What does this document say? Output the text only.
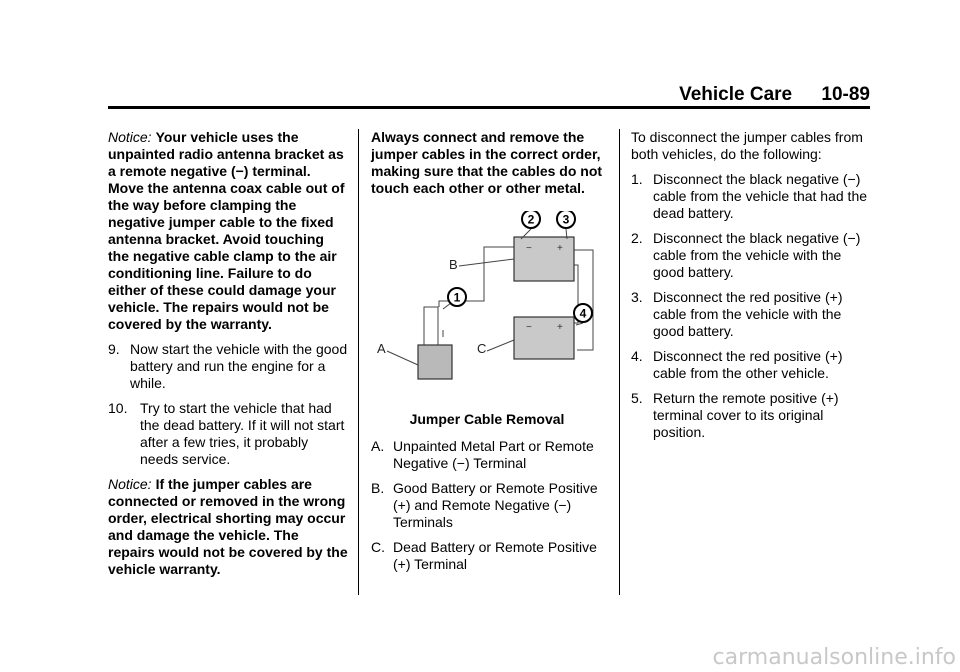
Vehicle Care 10-89

Notice: Your vehicle uses the unpainted radio antenna bracket as a remote negative (−) terminal. Move the antenna coax cable out of the way before clamping the negative jumper cable to the fixed antenna bracket. Avoid touching the negative cable clamp to the air conditioning line. Failure to do either of these could damage your vehicle. The repairs would not be covered by the warranty.

9. Now start the vehicle with the good battery and run the engine for a while.
10. Try to start the vehicle that had the dead battery. If it will not start after a few tries, it probably needs service.

Notice: If the jumper cables are connected or removed in the wrong order, electrical shorting may occur and damage the vehicle. The repairs would not be covered by the vehicle warranty.

Always connect and remove the jumper cables in the correct order, making sure that the cables do not touch each other or other metal.

−	+
−	+
1
2 3
4
A
B
C
Jumper Cable Removal
A. Unpainted Metal Part or Remote Negative (−) Terminal
B. Good Battery or Remote Positive (+) and Remote Negative (−) Terminals
C. Dead Battery or Remote Positive (+) Terminal

To disconnect the jumper cables from both vehicles, do the following:

1. Disconnect the black negative (−) cable from the vehicle that had the dead battery.
2. Disconnect the black negative (−) cable from the vehicle with the good battery.
3. Disconnect the red positive (+) cable from the vehicle with the good battery.
4. Disconnect the red positive (+) cable from the other vehicle.
5. Return the remote positive (+) terminal cover to its original position.
carmanualsonline.info
